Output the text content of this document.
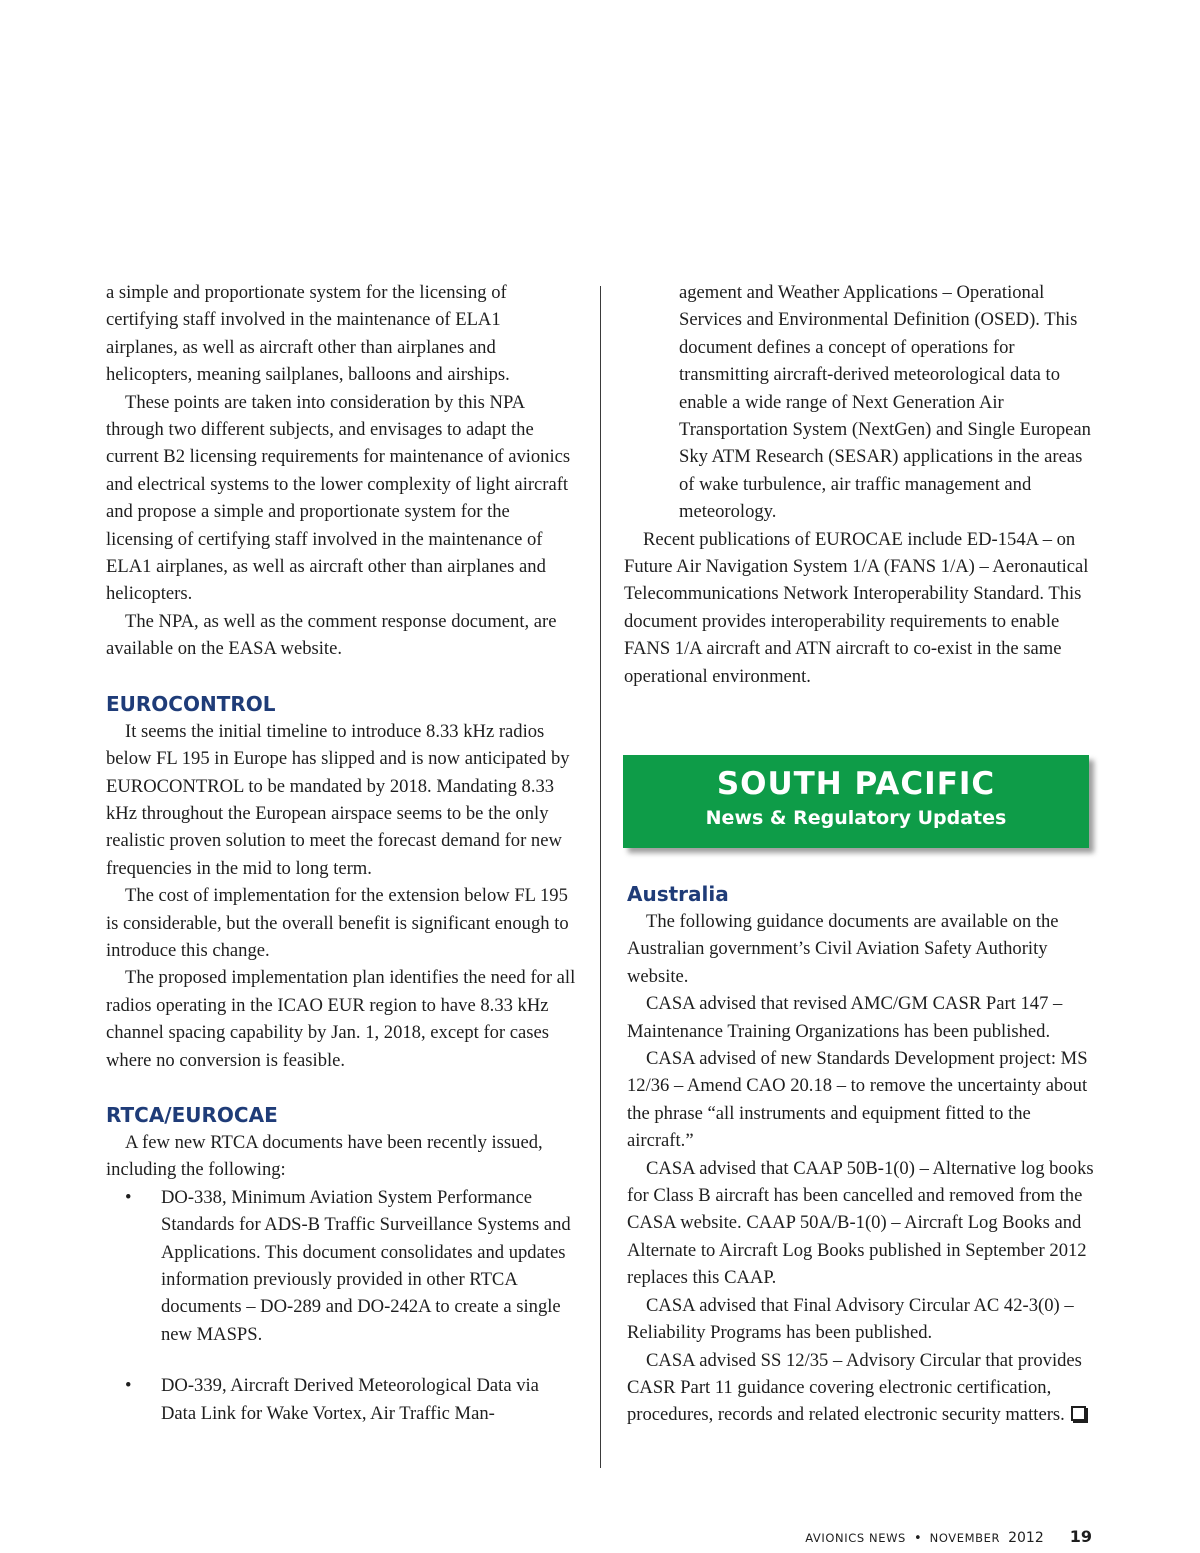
a simple and proportionate system for the licensing of certifying staff involved in the maintenance of ELA1 airplanes, as well as aircraft other than airplanes and helicopters, meaning sailplanes, balloons and airships.

These points are taken into consideration by this NPA through two different subjects, and envisages to adapt the current B2 licensing requirements for maintenance of avionics and electrical systems to the lower complexity of light aircraft and propose a simple and proportionate system for the licensing of certifying staff involved in the maintenance of ELA1 airplanes, as well as aircraft other than airplanes and helicopters.

The NPA, as well as the comment response document, are available on the EASA website.

EUROCONTROL

It seems the initial timeline to introduce 8.33 kHz radios below FL 195 in Europe has slipped and is now anticipated by EUROCONTROL to be mandated by 2018. Mandating 8.33 kHz throughout the European airspace seems to be the only realistic proven solution to meet the forecast demand for new frequencies in the mid to long term.

The cost of implementation for the extension below FL 195 is considerable, but the overall benefit is significant enough to introduce this change.

The proposed implementation plan identifies the need for all radios operating in the ICAO EUR region to have 8.33 kHz channel spacing capability by Jan. 1, 2018, except for cases where no conversion is feasible.

RTCA/EUROCAE

A few new RTCA documents have been recently issued, including the following:

• DO-338, Minimum Aviation System Performance Standards for ADS-B Traffic Surveillance Systems and Applications. This document consolidates and updates information previously provided in other RTCA documents – DO-289 and DO-242A to create a single new MASPS.
• DO-339, Aircraft Derived Meteorological Data via Data Link for Wake Vortex, Air Traffic Man-

agement and Weather Applications – Operational Services and Environmental Definition (OSED). This document defines a concept of operations for transmitting aircraft-derived meteorological data to enable a wide range of Next Generation Air Transportation System (NextGen) and Single European Sky ATM Research (SESAR) applications in the areas of wake turbulence, air traffic management and meteorology.

Recent publications of EUROCAE include ED-154A – on Future Air Navigation System 1/A (FANS 1/A) – Aeronautical Telecommunications Network Interoperability Standard. This document provides interoperability requirements to enable FANS 1/A aircraft and ATN aircraft to co-exist in the same operational environment.

SOUTH PACIFIC
News & Regulatory Updates
Australia

The following guidance documents are available on the Australian government’s Civil Aviation Safety Authority website.

CASA advised that revised AMC/GM CASR Part 147 – Maintenance Training Organizations has been published.

CASA advised of new Standards Development project: MS 12/36 – Amend CAO 20.18 – to remove the uncertainty about the phrase “all instruments and equipment fitted to the aircraft.”

CASA advised that CAAP 50B-1(0) – Alternative log books for Class B aircraft has been cancelled and removed from the CASA website. CAAP 50A/B-1(0) – Aircraft Log Books and Alternate to Aircraft Log Books published in September 2012 replaces this CAAP.

CASA advised that Final Advisory Circular AC 42-3(0) – Reliability Programs has been published.

CASA advised SS 12/35 – Advisory Circular that provides CASR Part 11 guidance covering electronic certification, procedures, records and related electronic security matters.

AVIONICS NEWS • NOVEMBER 2012 19
